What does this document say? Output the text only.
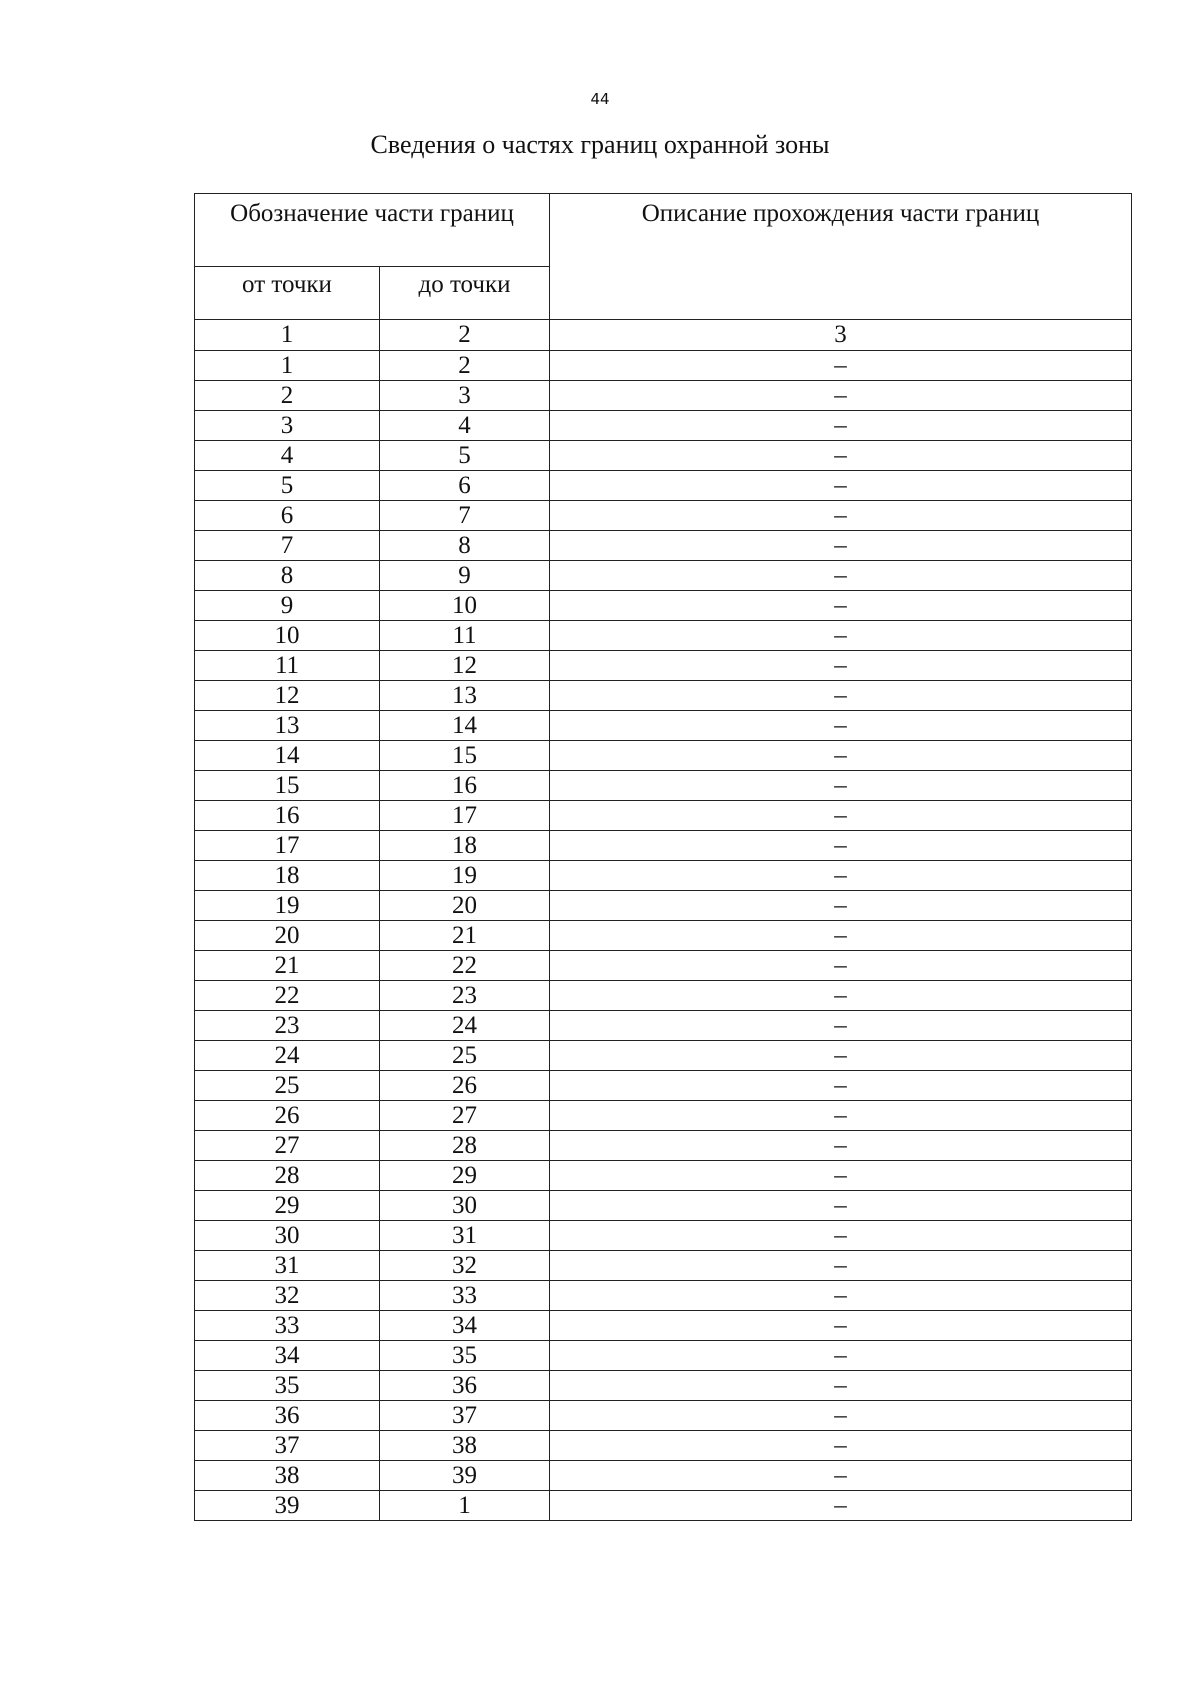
44
Сведения о частях границ охранной зоны
Обозначение части границ		Описание прохождения части границ
от точки	до точки	
1	2	3
1	2	–
2	3	–
3	4	–
4	5	–
5	6	–
6	7	–
7	8	–
8	9	–
9	10	–
10	11	–
11	12	–
12	13	–
13	14	–
14	15	–
15	16	–
16	17	–
17	18	–
18	19	–
19	20	–
20	21	–
21	22	–
22	23	–
23	24	–
24	25	–
25	26	–
26	27	–
27	28	–
28	29	–
29	30	–
30	31	–
31	32	–
32	33	–
33	34	–
34	35	–
35	36	–
36	37	–
37	38	–
38	39	–
39	1	–
